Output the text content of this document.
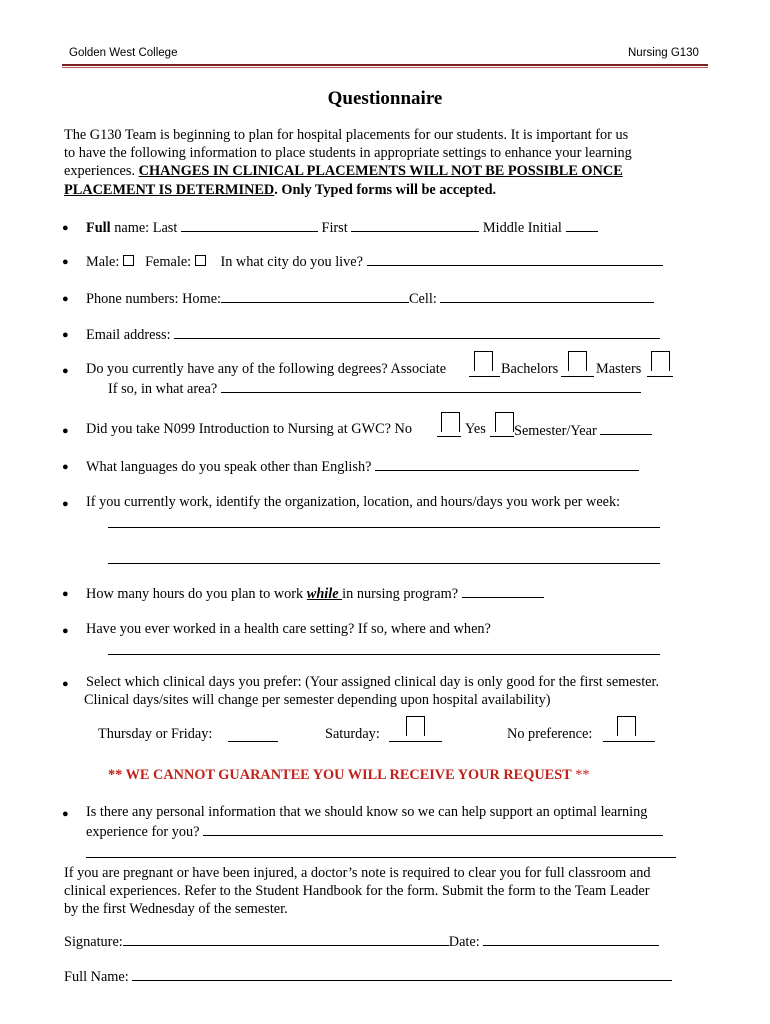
Golden West College	Nursing G130
Questionnaire
The G130 Team is beginning to plan for hospital placements for our students. It is important for us
to have the following information to place students in appropriate settings to enhance your learning
experiences. CHANGES IN CLINICAL PLACEMENTS WILL NOT BE POSSIBLE ONCE
PLACEMENT IS DETERMINED. Only Typed forms will be accepted.
● Full name: Last	First	Middle Initial
● Male: Female: In what city do you live?
● Phone numbers: Home:	Cell:
● Email address:
● Do you currently have any of the following degrees? Associate	Bachelors	Masters
If so, in what area?
● Did you take N099 Introduction to Nursing at GWC? No	Yes Semester/Year
● What languages do you speak other than English?
● If you currently work, identify the organization, location, and hours/days you work per week:
● How many hours do you plan to work while in nursing program?
● Have you ever worked in a health care setting? If so, where and when?
● Select which clinical days you prefer: (Your assigned clinical day is only good for the first semester.
Clinical days/sites will change per semester depending upon hospital availability)
Thursday or Friday:	Saturday:	No preference:
** WE CANNOT GUARANTEE YOU WILL RECEIVE YOUR REQUEST **
● Is there any personal information that we should know so we can help support an optimal learning
experience for you?
If you are pregnant or have been injured, a doctor’s note is required to clear you for full classroom and
clinical experiences. Refer to the Student Handbook for the form. Submit the form to the Team Leader
by the first Wednesday of the semester.
Signature:	Date:
Full Name:
